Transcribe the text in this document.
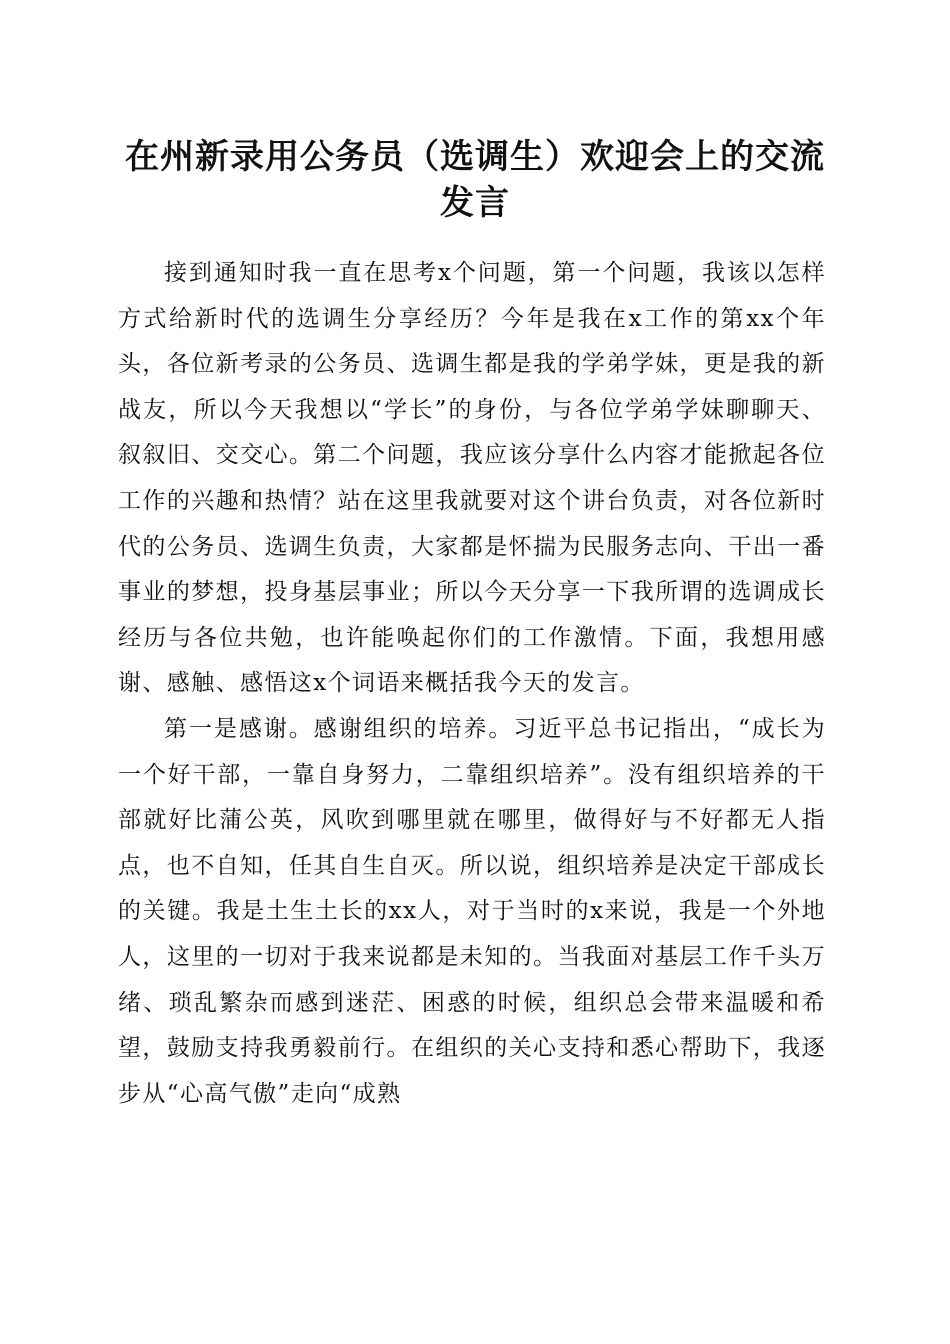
在州新录用公务员（选调生）欢迎会上的交流发言

接到通知时我一直在思考x个问题，第一个问题，我该以怎样方式给新时代的选调生分享经历？今年是我在x工作的第xx个年头，各位新考录的公务员、选调生都是我的学弟学妹，更是我的新战友，所以今天我想以“学长”的身份，与各位学弟学妹聊聊天、叙叙旧、交交心。第二个问题，我应该分享什么内容才能掀起各位工作的兴趣和热情？站在这里我就要对这个讲台负责，对各位新时代的公务员、选调生负责，大家都是怀揣为民服务志向、干出一番事业的梦想，投身基层事业；所以今天分享一下我所谓的选调成长经历与各位共勉，也许能唤起你们的工作激情。下面，我想用感谢、感触、感悟这x个词语来概括我今天的发言。

第一是感谢。感谢组织的培养。习近平总书记指出，“成长为一个好干部，一靠自身努力，二靠组织培养”。没有组织培养的干部就好比蒲公英，风吹到哪里就在哪里，做得好与不好都无人指点，也不自知，任其自生自灭。所以说，组织培养是决定干部成长的关键。我是土生土长的xx人，对于当时的x来说，我是一个外地人，这里的一切对于我来说都是未知的。当我面对基层工作千头万绪、琐乱繁杂而感到迷茫、困惑的时候，组织总会带来温暖和希望，鼓励支持我勇毅前行。在组织的关心支持和悉心帮助下，我逐步从“心高气傲”走向“成熟
